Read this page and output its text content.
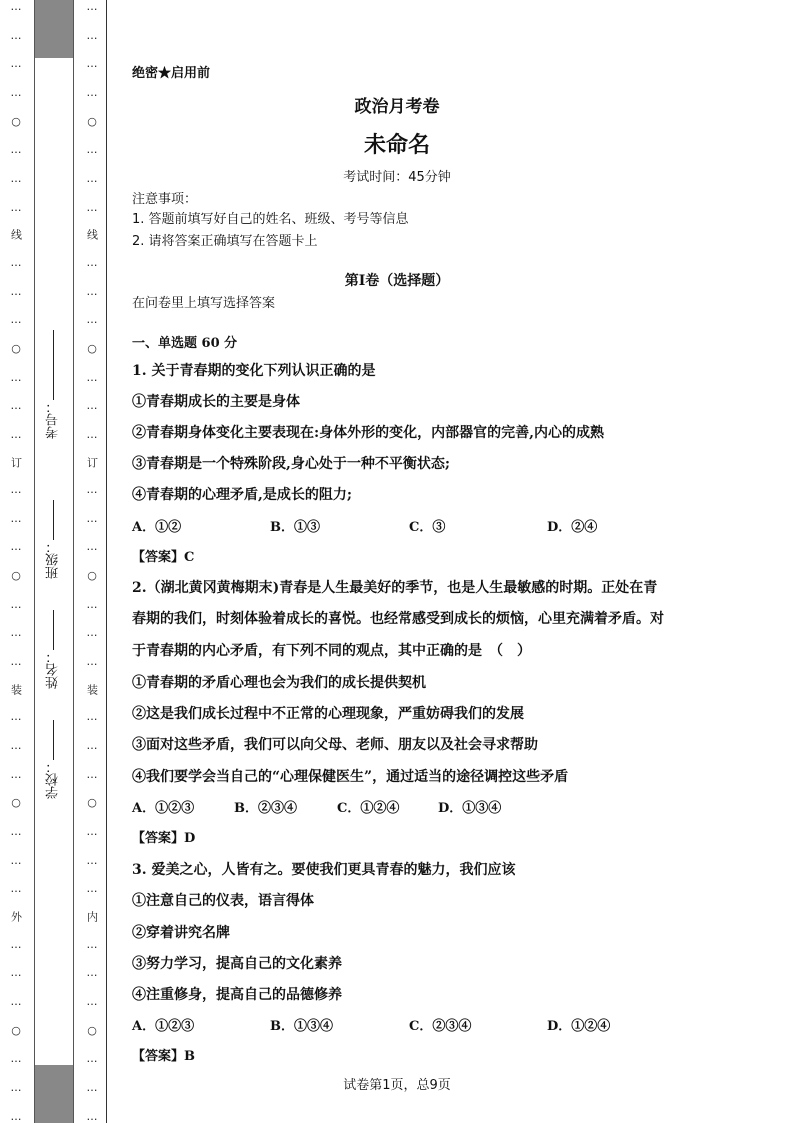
…
…
…
…
○
…
…
…
线
…
…
…
○
…
…
…
订
…
…
…
○
…
…
…
装
…
…
…
○
…
…
…
外
…
…
…
○
…
…
…
考号：
班级：
姓名：
学校：
…
…
…
…
○
…
…
…
线
…
…
…
○
…
…
…
订
…
…
…
○
…
…
…
装
…
…
…
○
…
…
…
内
…
…
…
○
…
…
…
绝密★启用前
政治月考卷
未命名
考试时间：45分钟
注意事项：
1. 答题前填写好自己的姓名、班级、考号等信息
2. 请将答案正确填写在答题卡上
第I卷（选择题）
在问卷里上填写选择答案
一、单选题 60 分
1. 关于青春期的变化下列认识正确的是
①青春期成长的主要是身体
②青春期身体变化主要表现在:身体外形的变化，内部器官的完善,内心的成熟
③青春期是一个特殊阶段,身心处于一种不平衡状态;
④青春期的心理矛盾,是成长的阻力;
A．①②	B．①③	C．③	D．②④
【答案】C
2.（湖北黄冈黄梅期末)青春是人生最美好的季节，也是人生最敏感的时期。正处在青
春期的我们，时刻体验着成长的喜悦。也经常感受到成长的烦恼，心里充满着矛盾。对
于青春期的内心矛盾，有下列不同的观点，其中正确的是　（　）
①青春期的矛盾心理也会为我们的成长提供契机
②这是我们成长过程中不正常的心理现象，严重妨碍我们的发展
③面对这些矛盾，我们可以向父母、老师、朋友以及社会寻求帮助
④我们要学会当自己的“心理保健医生”，通过适当的途径调控这些矛盾
A．①②③	B．②③④	C．①②④	D．①③④
【答案】D
3. 爱美之心，人皆有之。要使我们更具青春的魅力，我们应该
①注意自己的仪表，语言得体
②穿着讲究名牌
③努力学习，提高自己的文化素养
④注重修身，提高自己的品德修养
A．①②③	B．①③④	C．②③④	D．①②④
【答案】B
试卷第1页，总9页
